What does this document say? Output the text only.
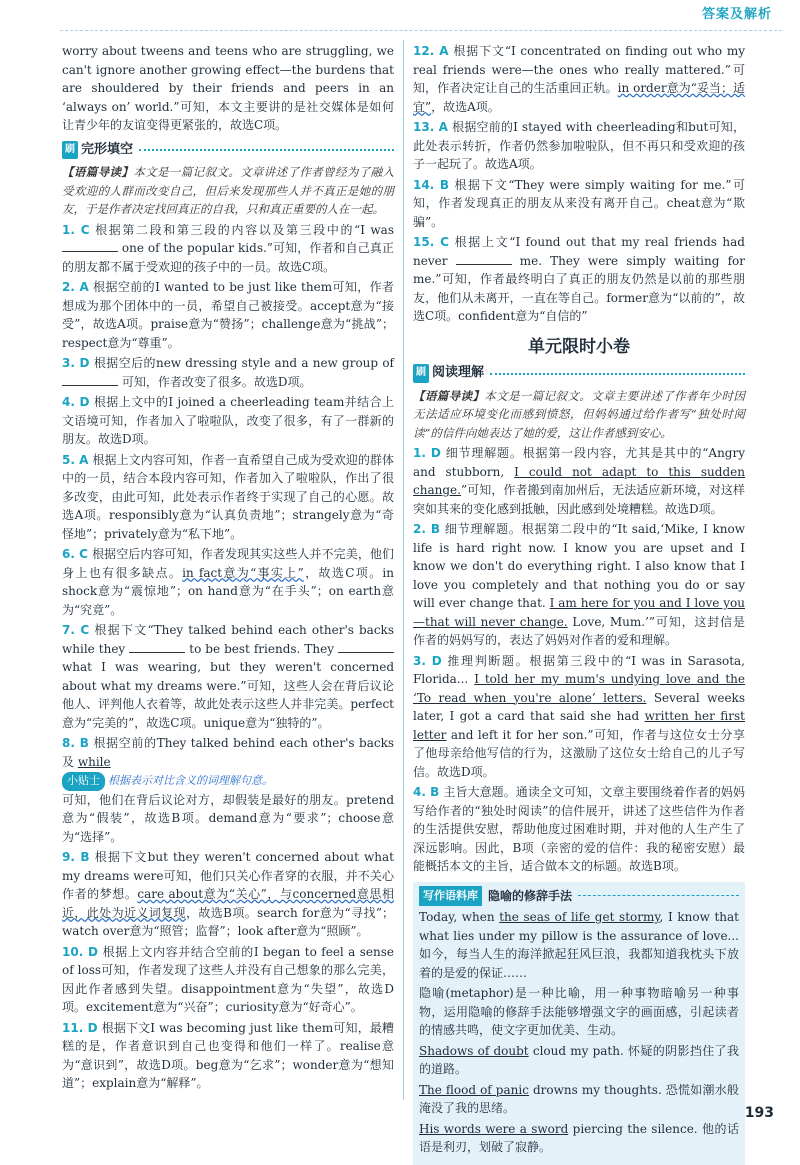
答案及解析

worry about tweens and teens who are struggling, we can't ignore another growing effect—the burdens that are shouldered by their friends and peers in an ‘always on’ world.”可知，本文主要讲的是社交媒体是如何让青少年的友谊变得更紧张的，故选C项。

刷 完形填空

【语篇导读】本文是一篇记叙文。文章讲述了作者曾经为了融入受欢迎的人群而改变自己，但后来发现那些人并不真正是她的朋友，于是作者决定找回真正的自我，只和真正重要的人在一起。

1. C 根据第二段和第三段的内容以及第三段中的“I was  one of the popular kids.”可知，作者和自己真正的朋友都不属于受欢迎的孩子中的一员。故选C项。

2. A 根据空前的I wanted to be just like them可知，作者想成为那个团体中的一员，希望自己被接受。accept意为“接受”，故选A项。praise意为“赞扬”；challenge意为“挑战”；respect意为“尊重”。

3. D 根据空后的new dressing style and a new group of  可知，作者改变了很多。故选D项。

4. D 根据上文中的I joined a cheerleading team并结合上文语境可知，作者加入了啦啦队，改变了很多，有了一群新的朋友。故选D项。

5. A 根据上文内容可知，作者一直希望自己成为受欢迎的群体中的一员，结合本段内容可知，作者加入了啦啦队，作出了很多改变，由此可知，此处表示作者终于实现了自己的心愿。故选A项。responsibly意为“认真负责地”；strangely意为“奇怪地”；privately意为“私下地”。

6. C 根据空后内容可知，作者发现其实这些人并不完美，他们身上也有很多缺点。in fact意为“事实上”，故选C项。in shock意为“震惊地”；on hand意为“在手头”；on earth意为“究竟”。

7. C 根据下文“They talked behind each other's backs while they	to be best friends. They  what I was wearing, but they weren't concerned about what my dreams were.”可知，这些人会在背后议论他人、评判他人衣着等，故此处表示这些人并非完美。perfect意为“完美的”，故选C项。unique意为“独特的”。

8. B 根据空前的They talked behind each other's backs及 while
小贴士 根据表示对比含义的词理解句意。
可知，他们在背后议论对方，却假装是最好的朋友。pretend意为“假装”，故选B项。demand意为“要求”；choose意为“选择”。

9. B 根据下文but they weren't concerned about what my dreams were可知，他们只关心作者穿的衣服，并不关心作者的梦想。care about意为“关心”，与concerned意思相近，此处为近义词复现，故选B项。search for意为“寻找”；watch over意为“照管；监督”；look after意为“照顾”。

10. D 根据上文内容并结合空前的I began to feel a sense of loss可知，作者发现了这些人并没有自己想象的那么完美，因此作者感到失望。disappointment意为“失望”，故选D项。excitement意为“兴奋”；curiosity意为“好奇心”。

11. D 根据下文I was becoming just like them可知，最糟糕的是，作者意识到自己也变得和他们一样了。realise意为“意识到”，故选D项。beg意为“乞求”；wonder意为“想知道”；explain意为“解释”。

12. A 根据下文“I concentrated on finding out who my real friends were—the ones who really mattered.”可知，作者决定让自己的生活重回正轨。in order意为“妥当；适宜”，故选A项。

13. A 根据空前的I stayed with cheerleading和but可知，此处表示转折，作者仍然参加啦啦队，但不再只和受欢迎的孩子一起玩了。故选A项。

14. B 根据下文“They were simply waiting for me.”可知，作者发现真正的朋友从来没有离开自己。cheat意为“欺骗”。

15. C 根据上文“I found out that my real friends had never	me. They were simply waiting for me.”可知，作者最终明白了真正的朋友仍然是以前的那些朋友，他们从未离开，一直在等自己。former意为“以前的”，故选C项。confident意为“自信的”

单元限时小卷
刷 阅读理解

【语篇导读】本文是一篇记叙文。文章主要讲述了作者年少时因无法适应环境变化而感到愤怒，但妈妈通过给作者写“独处时阅读”的信件向她表达了她的爱，这让作者感到安心。

1. D 细节理解题。根据第一段内容，尤其是其中的“Angry and stubborn, I could not adapt to this sudden change.”可知，作者搬到南加州后，无法适应新环境，对这样突如其来的变化感到抵触，因此感到处境糟糕。故选D项。

2. B 细节理解题。根据第二段中的“It said,‘Mike, I know life is hard right now. I know you are upset and I know we don't do everything right. I also know that I love you completely and that nothing you do or say will ever change that. I am here for you and I love you—that will never change. Love, Mum.’”可知，这封信是作者的妈妈写的，表达了妈妈对作者的爱和理解。

3. D 推理判断题。根据第三段中的“I was in Sarasota, Florida... I told her my mum's undying love and the ‘To read when you're alone’ letters. Several weeks later, I got a card that said she had written her first letter and left it for her son.”可知，作者与这位女士分享了他母亲给他写信的行为，这激励了这位女士给自己的儿子写信。故选D项。

4. B 主旨大意题。通读全文可知，文章主要围绕着作者的妈妈写给作者的“独处时阅读”的信件展开，讲述了这些信件为作者的生活提供安慰，帮助他度过困难时期，并对他的人生产生了深远影响。因此，B项（亲密的爱的信件：我的秘密安慰）最能概括本文的主旨，适合做本文的标题。故选B项。

写作语料库 隐喻的修辞手法

Today, when the seas of life get stormy, I know that what lies under my pillow is the assurance of love... 如今，每当人生的海洋掀起狂风巨浪，我都知道我枕头下放着的是爱的保证……

隐喻(metaphor)是一种比喻，用一种事物暗喻另一种事物，运用隐喻的修辞手法能够增强文字的画面感，引起读者的情感共鸣，使文字更加优美、生动。

Shadows of doubt cloud my path. 怀疑的阴影挡住了我的道路。

The flood of panic drowns my thoughts. 恐慌如潮水般淹没了我的思绪。

His words were a sword piercing the silence. 他的话语是利刃，划破了寂静。

193
